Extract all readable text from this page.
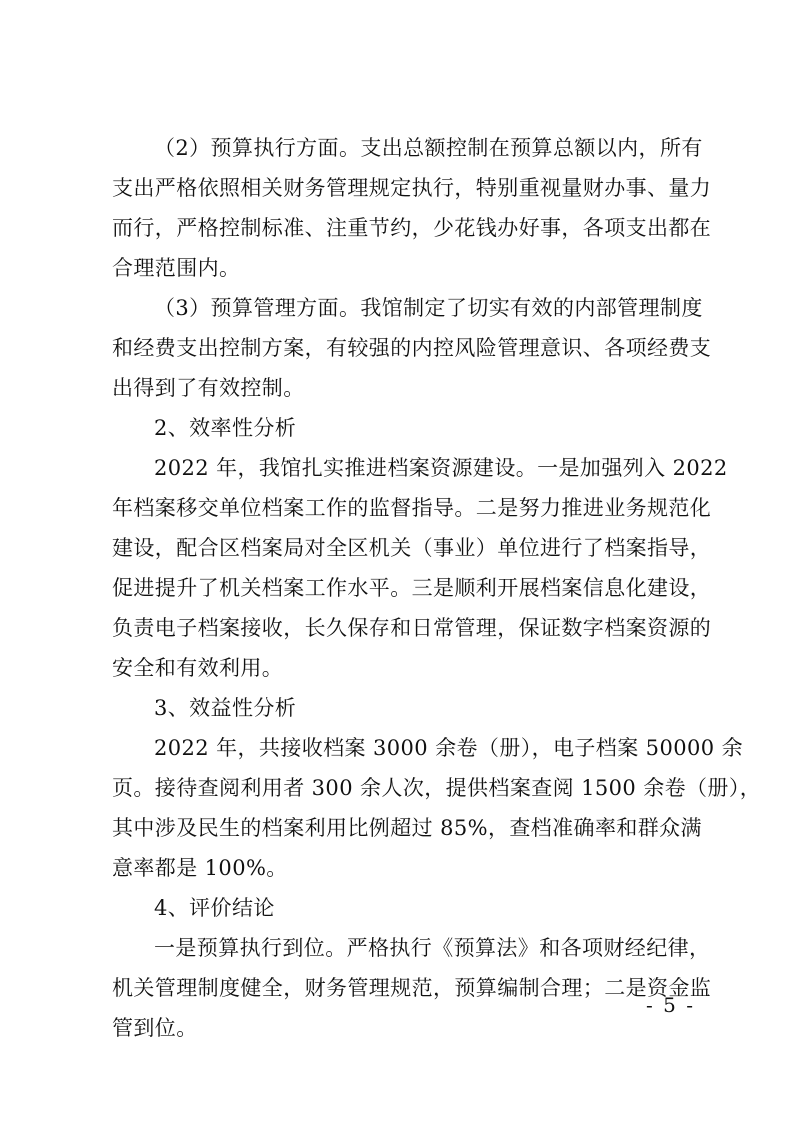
（2）预算执行方面。支出总额控制在预算总额以内，所有
支出严格依照相关财务管理规定执行，特别重视量财办事、量力
而行，严格控制标准、注重节约，少花钱办好事，各项支出都在
合理范围内。
（3）预算管理方面。我馆制定了切实有效的内部管理制度
和经费支出控制方案，有较强的内控风险管理意识、各项经费支
出得到了有效控制。
2、效率性分析
2022 年，我馆扎实推进档案资源建设。一是加强列入 2022
年档案移交单位档案工作的监督指导。二是努力推进业务规范化
建设，配合区档案局对全区机关（事业）单位进行了档案指导，
促进提升了机关档案工作水平。三是顺利开展档案信息化建设，
负责电子档案接收，长久保存和日常管理，保证数字档案资源的
安全和有效利用。
3、效益性分析
2022 年，共接收档案 3000 余卷（册），电子档案 50000 余
页。接待查阅利用者 300 余人次，提供档案查阅 1500 余卷（册），
其中涉及民生的档案利用比例超过 85%，查档准确率和群众满
意率都是 100%。
4、评价结论
一是预算执行到位。严格执行《预算法》和各项财经纪律，
机关管理制度健全，财务管理规范，预算编制合理；二是资金监
管到位。
- 5 -
